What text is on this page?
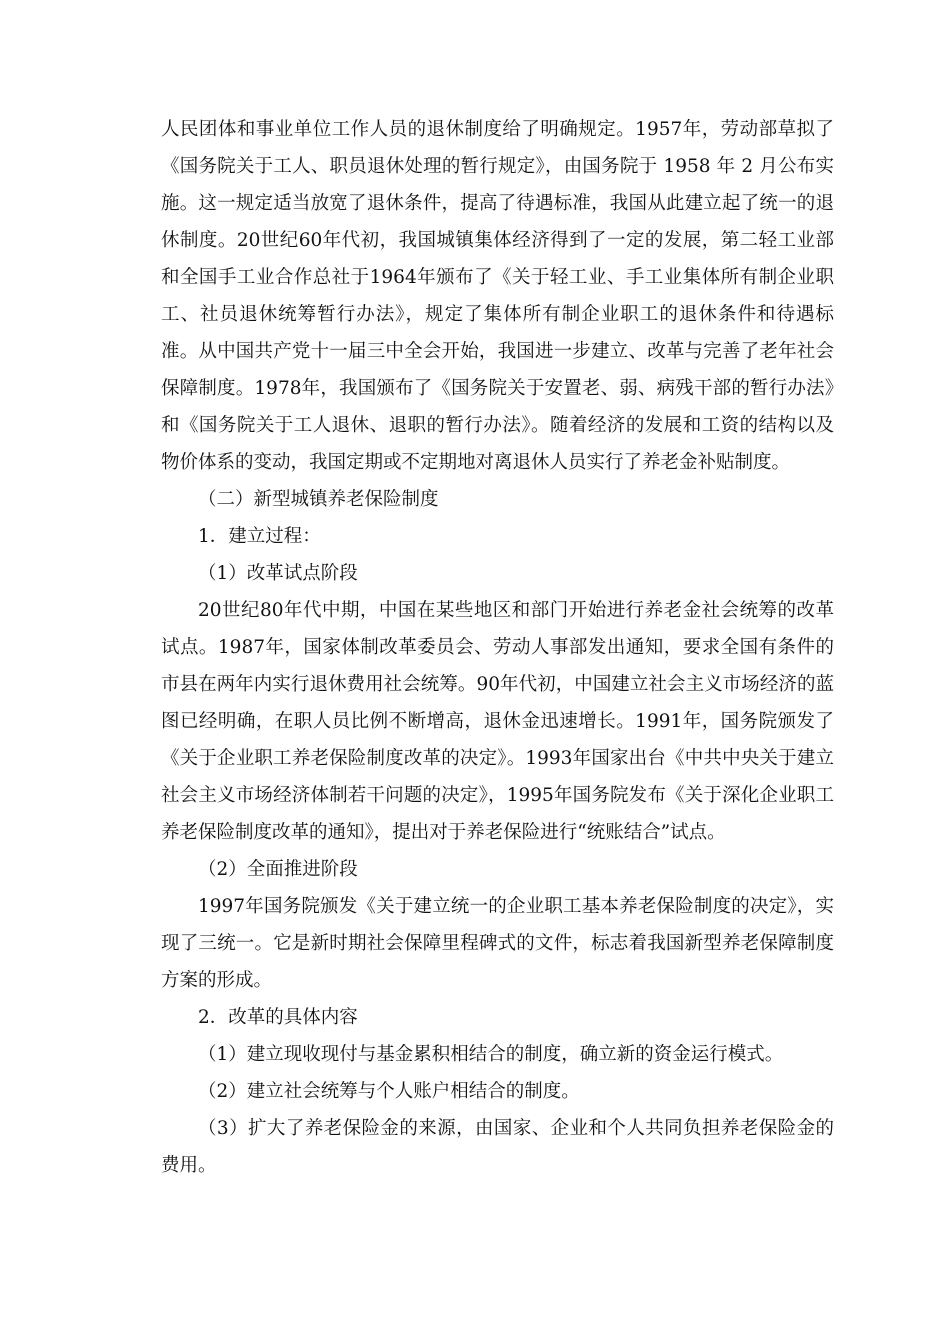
人民团体和事业单位工作人员的退休制度给了明确规定。1957年，劳动部草拟了《国务院关于工人、职员退休处理的暂行规定》，由国务院于 1958 年 2 月公布实施。这一规定适当放宽了退休条件，提高了待遇标准，我国从此建立起了统一的退休制度。20世纪60年代初，我国城镇集体经济得到了一定的发展，第二轻工业部和全国手工业合作总社于1964年颁布了《关于轻工业、手工业集体所有制企业职工、社员退休统筹暂行办法》，规定了集体所有制企业职工的退休条件和待遇标准。从中国共产党十一届三中全会开始，我国进一步建立、改革与完善了老年社会保障制度。1978年，我国颁布了《国务院关于安置老、弱、病残干部的暂行办法》和《国务院关于工人退休、退职的暂行办法》。随着经济的发展和工资的结构以及物价体系的变动，我国定期或不定期地对离退休人员实行了养老金补贴制度。

（二）新型城镇养老保险制度

1．建立过程：

（1）改革试点阶段

20世纪80年代中期，中国在某些地区和部门开始进行养老金社会统筹的改革试点。1987年，国家体制改革委员会、劳动人事部发出通知，要求全国有条件的市县在两年内实行退休费用社会统筹。90年代初，中国建立社会主义市场经济的蓝图已经明确，在职人员比例不断增高，退休金迅速增长。1991年，国务院颁发了《关于企业职工养老保险制度改革的决定》。1993年国家出台《中共中央关于建立社会主义市场经济体制若干问题的决定》，1995年国务院发布《关于深化企业职工养老保险制度改革的通知》，提出对于养老保险进行“统账结合”试点。

（2）全面推进阶段

1997年国务院颁发《关于建立统一的企业职工基本养老保险制度的决定》，实现了三统一。它是新时期社会保障里程碑式的文件，标志着我国新型养老保障制度方案的形成。

2．改革的具体内容

（1）建立现收现付与基金累积相结合的制度，确立新的资金运行模式。

（2）建立社会统筹与个人账户相结合的制度。

（3）扩大了养老保险金的来源，由国家、企业和个人共同负担养老保险金的费用。
